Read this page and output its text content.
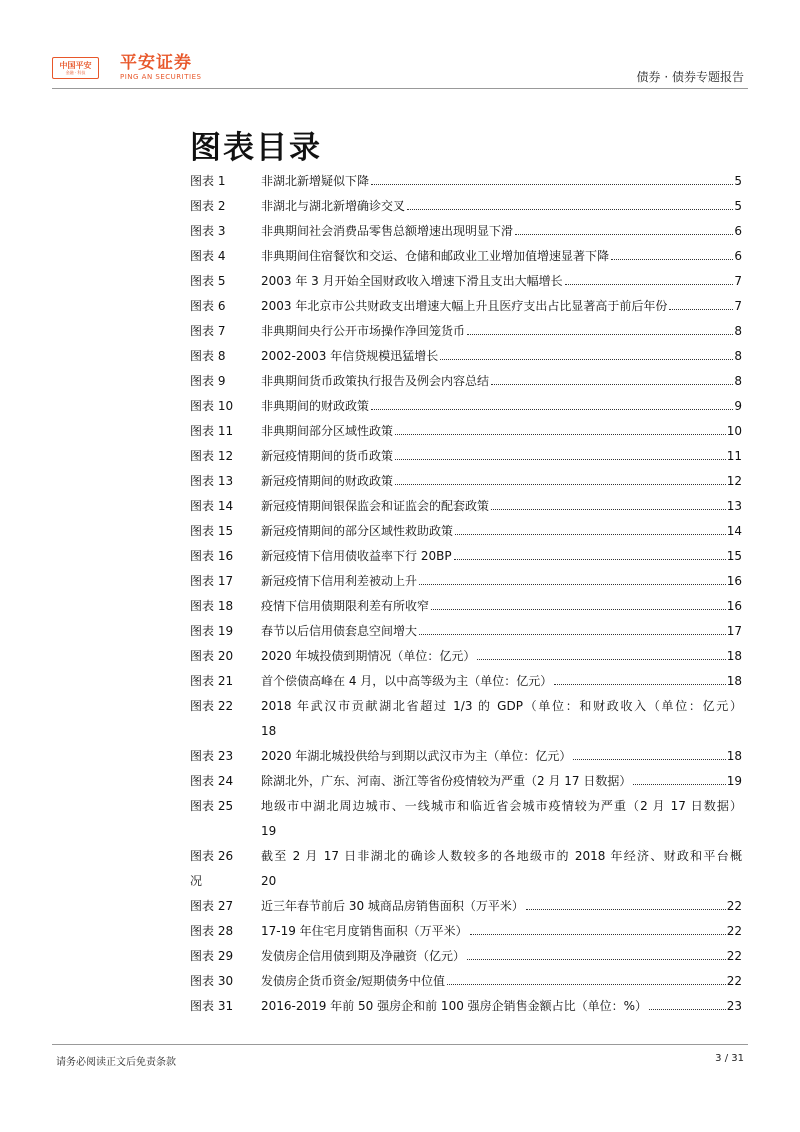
中国平安
金融 · 科技 平安证券
PING AN SECURITIES	债券 · 债券专题报告
图表目录
图表 1	非湖北新增疑似下降	5
图表 2	非湖北与湖北新增确诊交叉	5
图表 3	非典期间社会消费品零售总额增速出现明显下滑	6
图表 4	非典期间住宿餐饮和交运、仓储和邮政业工业增加值增速显著下降	6
图表 5	2003 年 3 月开始全国财政收入增速下滑且支出大幅增长	7
图表 6	2003 年北京市公共财政支出增速大幅上升且医疗支出占比显著高于前后年份	7
图表 7	非典期间央行公开市场操作净回笼货币	8
图表 8	2002-2003 年信贷规模迅猛增长	8
图表 9	非典期间货币政策执行报告及例会内容总结	8
图表 10	非典期间的财政政策	9
图表 11	非典期间部分区域性政策	10
图表 12	新冠疫情期间的货币政策	11
图表 13	新冠疫情期间的财政政策	12
图表 14	新冠疫情期间银保监会和证监会的配套政策	13
图表 15	新冠疫情期间的部分区域性救助政策	14
图表 16	新冠疫情下信用债收益率下行 20BP	15
图表 17	新冠疫情下信用利差被动上升	16
图表 18	疫情下信用债期限利差有所收窄	16
图表 19	春节以后信用债套息空间增大	17
图表 20	2020 年城投债到期情况（单位：亿元）	18
图表 21	首个偿债高峰在 4 月，以中高等级为主（单位：亿元）	18
图表 22	2018 年武汉市贡献湖北省超过 1/3 的 GDP（单位：和财政收入（单位：亿元）
18
图表 23	2020 年湖北城投供给与到期以武汉市为主（单位：亿元）	18
图表 24	除湖北外，广东、河南、浙江等省份疫情较为严重（2 月 17 日数据）	19
图表 25	地级市中湖北周边城市、一线城市和临近省会城市疫情较为严重（2 月 17 日数据）
19
图表 26	截至 2 月 17 日非湖北的确诊人数较多的各地级市的 2018 年经济、财政和平台概
况	20
图表 27	近三年春节前后 30 城商品房销售面积（万平米）	22
图表 28	17-19 年住宅月度销售面积（万平米）	22
图表 29	发债房企信用债到期及净融资（亿元）	22
图表 30	发债房企货币资金/短期债务中位值	22
图表 31	2016-2019 年前 50 强房企和前 100 强房企销售金额占比（单位：%）	23
请务必阅读正文后免责条款	3 / 31
